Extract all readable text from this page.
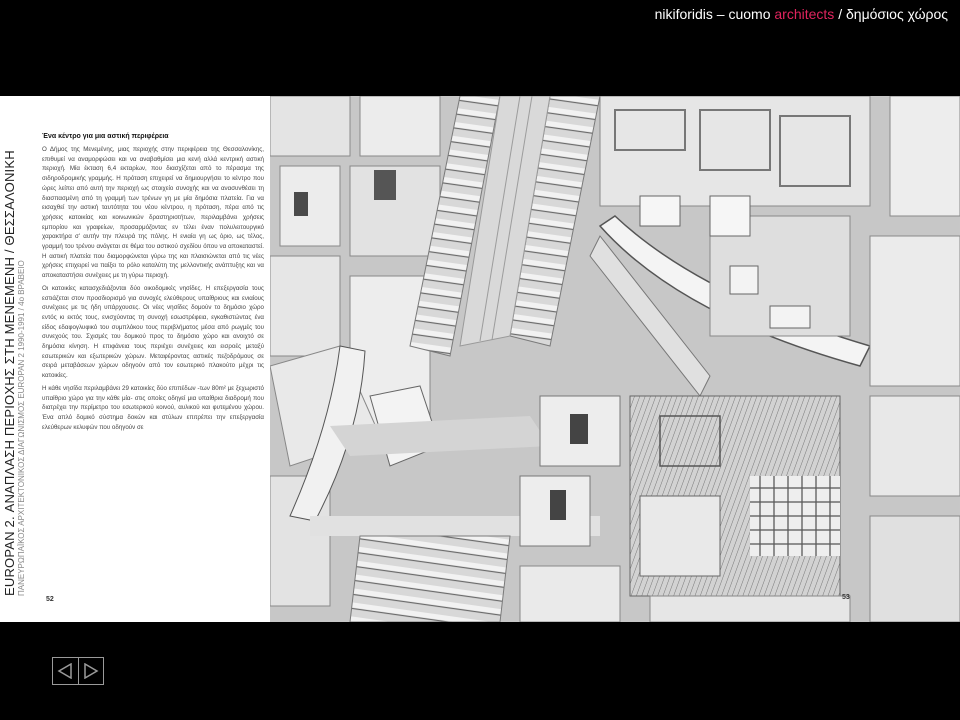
nikiforidis – cuomo architects / δημόσιος χώρος
EUROPAN 2. ΑΝΑΠΛΑΣΗ ΠΕΡΙΟΧΗΣ ΣΤΗ ΜΕΝΕΜΕΝΗ / ΘΕΣΣΑΛΟΝΙΚΗ ΠΑΝΕΥΡΩΠΑΪΚΟΣ ΑΡΧΙΤΕΚΤΟΝΙΚΟΣ ΔΙΑΓΩΝΙΣΜΟΣ EUROPAN 2 1990-1991 / 4ο ΒΡΑΒΕΙΟ
Ένα κέντρο για μια αστική περιφέρεια

Ο Δήμος της Μενεμένης, μιας περιοχής στην περιφέρεια της Θεσσαλονίκης, επιθυμεί να αναμορφώσει και να αναβαθμίσει μια κενή αλλά κεντρική αστική περιοχή. Μία έκταση 6,4 εκταρίων, που διασχίζεται από το πέρασμα της σιδηροδρομικής γραμμής. Η πρόταση επιχειρεί να δημιουργήσει το κέντρο που ώρες λείπει από αυτή την περιοχή ως στοιχείο συνοχής και να ανασυνθέσει τη διασπασμένη από τη γραμμή των τρένων γη με μία δημόσια πλατεία. Για να εισαχθεί την αστική ταυτότητα του νέου κέντρου, η πρόταση, πέρα από τις χρήσεις κατοικίας και κοινωνικών δραστηριοτήτων, περιλαμβάνει χρήσεις εμπορίου και γραφείων, προσαρμόζοντας εν τέλει έναν πολυλειτουργικό χαρακτήρα σ' αυτήν την πλευρά της πόλης. Η ενιαία γη ως όριο, ως τέλος, γραμμή του τρένου ανάγεται σε θέμα του αστικού σχεδίου όπου να αποκαταστεί. Η αστική πλατεία που διαμορφώνεται γύρω της και πλαισιώνεται από τις νέες χρήσεις επιχειρεί να παίξει το ρόλο καταλύτη της μελλοντικής ανάπτυξης και να αποκαταστήσει συνέχειες με τη γύρω περιοχή.

Οι κατοικίες κατασχεδιάζονται δύο οικοδομικές νησίδες. Η επεξεργασία τους εστιάζεται στον προσδιορισμό για συνοχές ελεύθερους υπαίθριους και ενιαίους συνέχειες με τις ήδη υπάρχουσες. Οι νέες νησίδες δομούν το δημόσιο χώρο εντός κι εκτός τους, ενισχύοντας τη συνοχή εσωστρέφεια, εγκαθιστώντας ένα είδος εδαφογλυφικό του συμπλόκου τους περιβλήματος μέσα από ρωγμές του συνεχούς του. Σχισμές του δομικού προς το δημόσιο χώρο και ανοιχτό σε δημόσια κίνηση. Η επιφάνεια τους περιέχει συνέχειες και εισροές μεταξύ εσωτερικών και εξωτερικών χώρων. Μεταφέροντας αστικές πεζοδρόμους σε σειρά μεταβάσεων χώρων οδηγούν από τον εσωτερικό πλακούτο μέχρι τις κατοικίες.

Η κάθε νησίδα περιλαμβάνει 29 κατοικίες δύο επιπέδων -των 80m² με ξεχωριστό υπαίθριο χώρο για την κάθε μία- στις οποίες οδηγεί μια υπαίθρια διαδρομή που διατρέχει την περίμετρο του εσωτερικού κοινού, αυλικού και φυτεμένου χώρου. Ένα απλό δομικό σύστημα δοκών και στύλων επιτρέπει την επεξεργασία ελεύθερων κελυφών που οδηγούν σε

52	53
